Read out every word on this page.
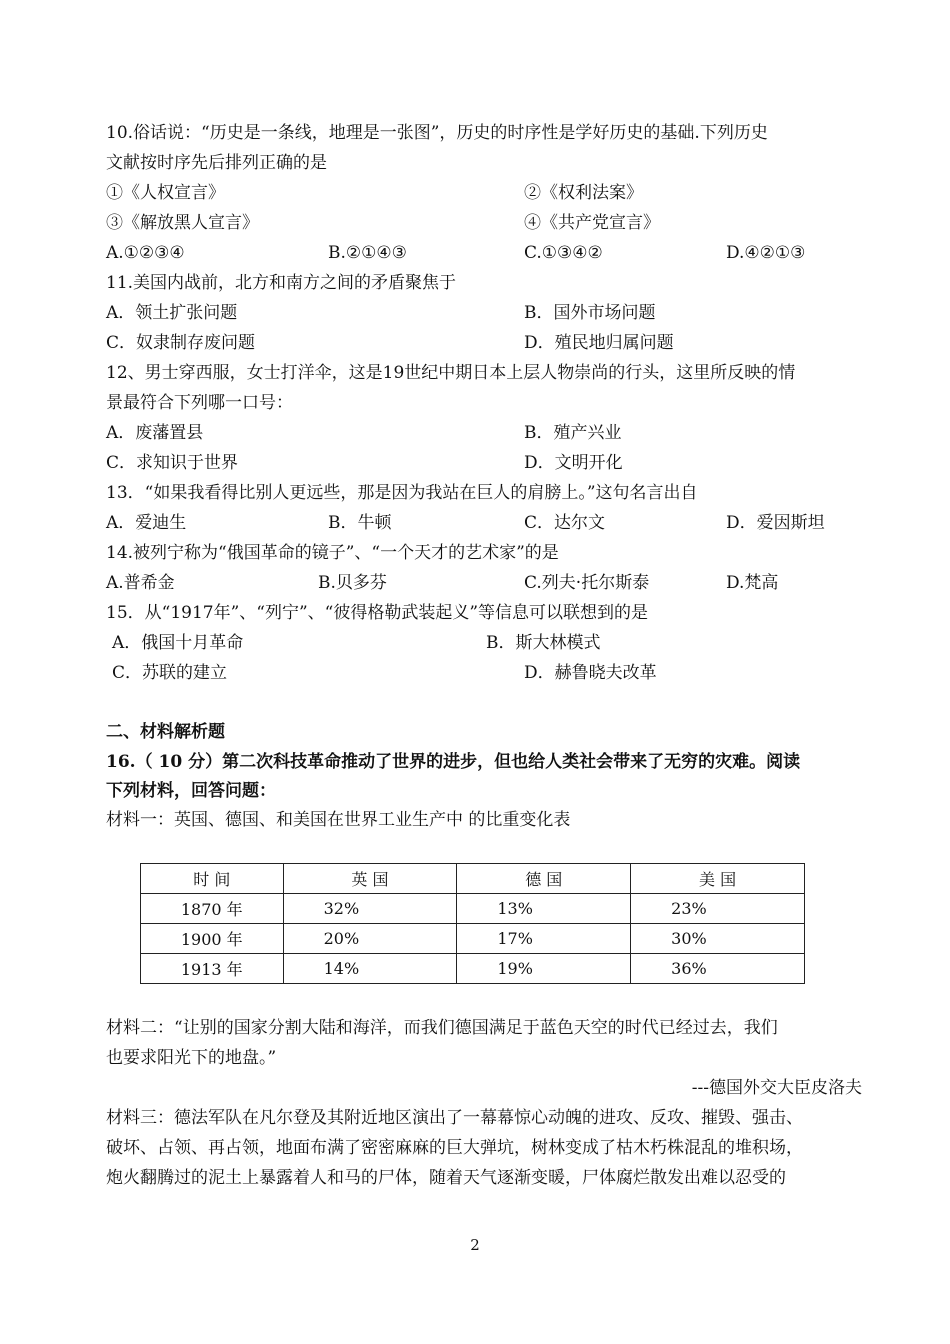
10.俗话说：“历史是一条线，地理是一张图”，历史的时序性是学好历史的基础.下列历史
文献按时序先后排列正确的是
①《人权宣言》	②《权利法案》
③《解放黑人宣言》	④《共产党宣言》
A.①②③④	B.②①④③	C.①③④②	D.④②①③
11.美国内战前，北方和南方之间的矛盾聚焦于
A．领土扩张问题	B．国外市场问题
C．奴隶制存废问题	D．殖民地归属问题
12、男士穿西服，女士打洋伞，这是19世纪中期日本上层人物崇尚的行头，这里所反映的情
景最符合下列哪一口号：
A．废藩置县	B．殖产兴业
C．求知识于世界	D．文明开化
13．“如果我看得比别人更远些，那是因为我站在巨人的肩膀上。”这句名言出自
A．爱迪生	B．牛顿	C．达尔文	D．爱因斯坦
14.被列宁称为“俄国革命的镜子”、“一个天才的艺术家”的是
A.普希金	B.贝多芬	C.列夫·托尔斯泰	D.梵高
15．从“1917年”、“列宁”、“彼得格勒武装起义”等信息可以联想到的是
A．俄国十月革命	B．斯大林模式
C．苏联的建立	D．赫鲁晓夫改革
二、材料解析题
16.（ 10 分）第二次科技革命推动了世界的进步，但也给人类社会带来了无穷的灾难。阅读
下列材料，回答问题：
材料一：英国、德国、和美国在世界工业生产中 的比重变化表
时 间	英 国	德 国	美 国
1870 年	32%	13%	23%
1900 年	20%	17%	30%
1913 年	14%	19%	36%
材料二：“让别的国家分割大陆和海洋，而我们德国满足于蓝色天空的时代已经过去，我们
也要求阳光下的地盘。”
---德国外交大臣皮洛夫
材料三：德法军队在凡尔登及其附近地区演出了一幕幕惊心动魄的进攻、反攻、摧毁、强击、
破坏、占领、再占领，地面布满了密密麻麻的巨大弹坑，树林变成了枯木朽株混乱的堆积场，
炮火翻腾过的泥土上暴露着人和马的尸体，随着天气逐渐变暖，尸体腐烂散发出难以忍受的
2
